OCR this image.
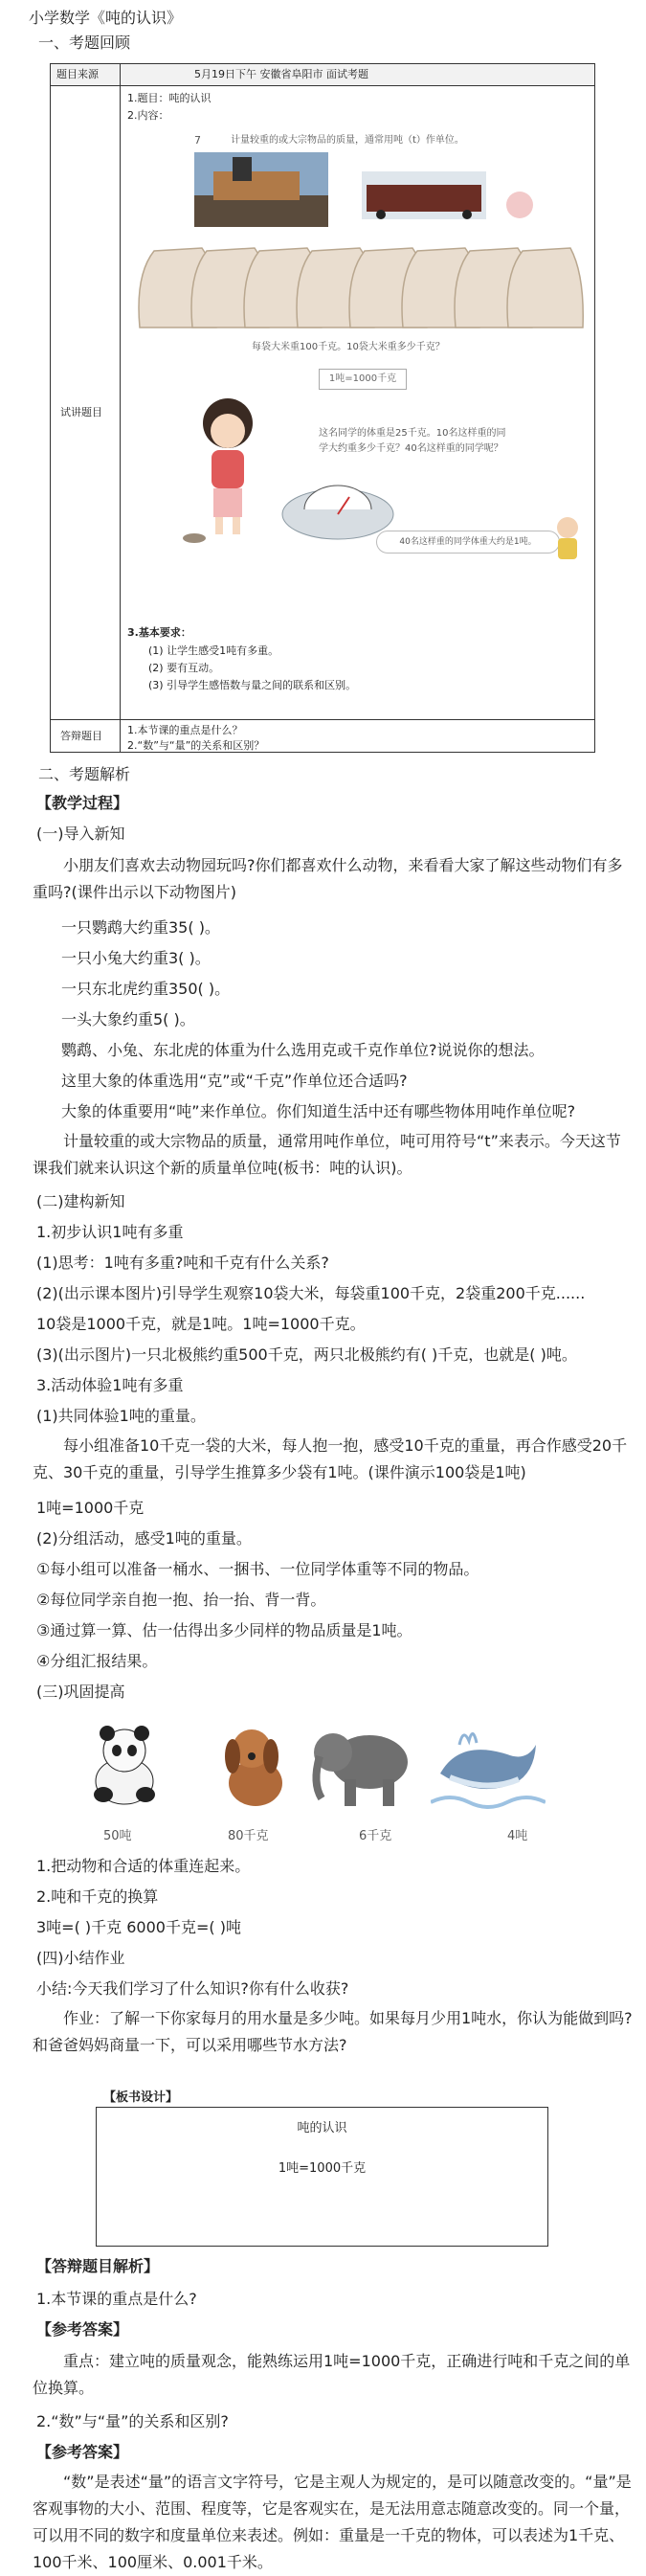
小学数学《吨的认识》
一、考题回顾
题目来源	5月19日下午 安徽省阜阳市 面试考题
试讲题目
1.题目：吨的认识
2.内容：
7	计量较重的或大宗物品的质量，通常用吨（t）作单位。
每袋大米重100千克。10袋大米重多少千克？
1吨=1000千克
这名同学的体重是25千克。10名这样重的同学大约重多少千克？40名这样重的同学呢？
40名这样重的同学体重大约是1吨。
3.基本要求：
(1) 让学生感受1吨有多重。
(2) 要有互动。
(3) 引导学生感悟数与量之间的联系和区别。
答辩题目 1.本节课的重点是什么？
2.“数”与“量”的关系和区别？
二、考题解析
【教学过程】
(一)导入新知
小朋友们喜欢去动物园玩吗?你们都喜欢什么动物，来看看大家了解这些动物们有多重吗?(课件出示以下动物图片)
一只鹦鹉大约重35( )。
一只小兔大约重3( )。
一只东北虎约重350( )。
一头大象约重5( )。
鹦鹉、小兔、东北虎的体重为什么选用克或千克作单位?说说你的想法。
这里大象的体重选用“克”或“千克”作单位还合适吗?
大象的体重要用“吨”来作单位。你们知道生活中还有哪些物体用吨作单位呢?
计量较重的或大宗物品的质量，通常用吨作单位，吨可用符号“t”来表示。今天这节课我们就来认识这个新的质量单位吨(板书：吨的认识)。
(二)建构新知
1.初步认识1吨有多重
(1)思考：1吨有多重?吨和千克有什么关系?
(2)(出示课本图片)引导学生观察10袋大米，每袋重100千克，2袋重200千克......
10袋是1000千克，就是1吨。1吨=1000千克。
(3)(出示图片)一只北极熊约重500千克，两只北极熊约有( )千克，也就是( )吨。
3.活动体验1吨有多重
(1)共同体验1吨的重量。
每小组准备10千克一袋的大米，每人抱一抱，感受10千克的重量，再合作感受20千克、30千克的重量，引导学生推算多少袋有1吨。(课件演示100袋是1吨)
1吨=1000千克
(2)分组活动，感受1吨的重量。
①每小组可以准备一桶水、一捆书、一位同学体重等不同的物品。
②每位同学亲自抱一抱、抬一抬、背一背。
③通过算一算、估一估得出多少同样的物品质量是1吨。
④分组汇报结果。
(三)巩固提高
50吨	80千克	6千克	4吨
1.把动物和合适的体重连起来。
2.吨和千克的换算
3吨=( )千克 6000千克=( )吨
(四)小结作业
小结:今天我们学习了什么知识?你有什么收获?
作业：了解一下你家每月的用水量是多少吨。如果每月少用1吨水，你认为能做到吗?和爸爸妈妈商量一下，可以采用哪些节水方法?
【板书设计】
吨的认识
1吨=1000千克
【答辩题目解析】
1.本节课的重点是什么?
【参考答案】
重点：建立吨的质量观念，能熟练运用1吨=1000千克，正确进行吨和千克之间的单位换算。
2.“数”与“量”的关系和区别?
【参考答案】
“数”是表述“量”的语言文字符号，它是主观人为规定的，是可以随意改变的。“量”是客观事物的大小、范围、程度等，它是客观实在，是无法用意志随意改变的。同一个量，可以用不同的数字和度量单位来表述。例如：重量是一千克的物体，可以表述为1千克、100千米、100厘米、0.001千米。
